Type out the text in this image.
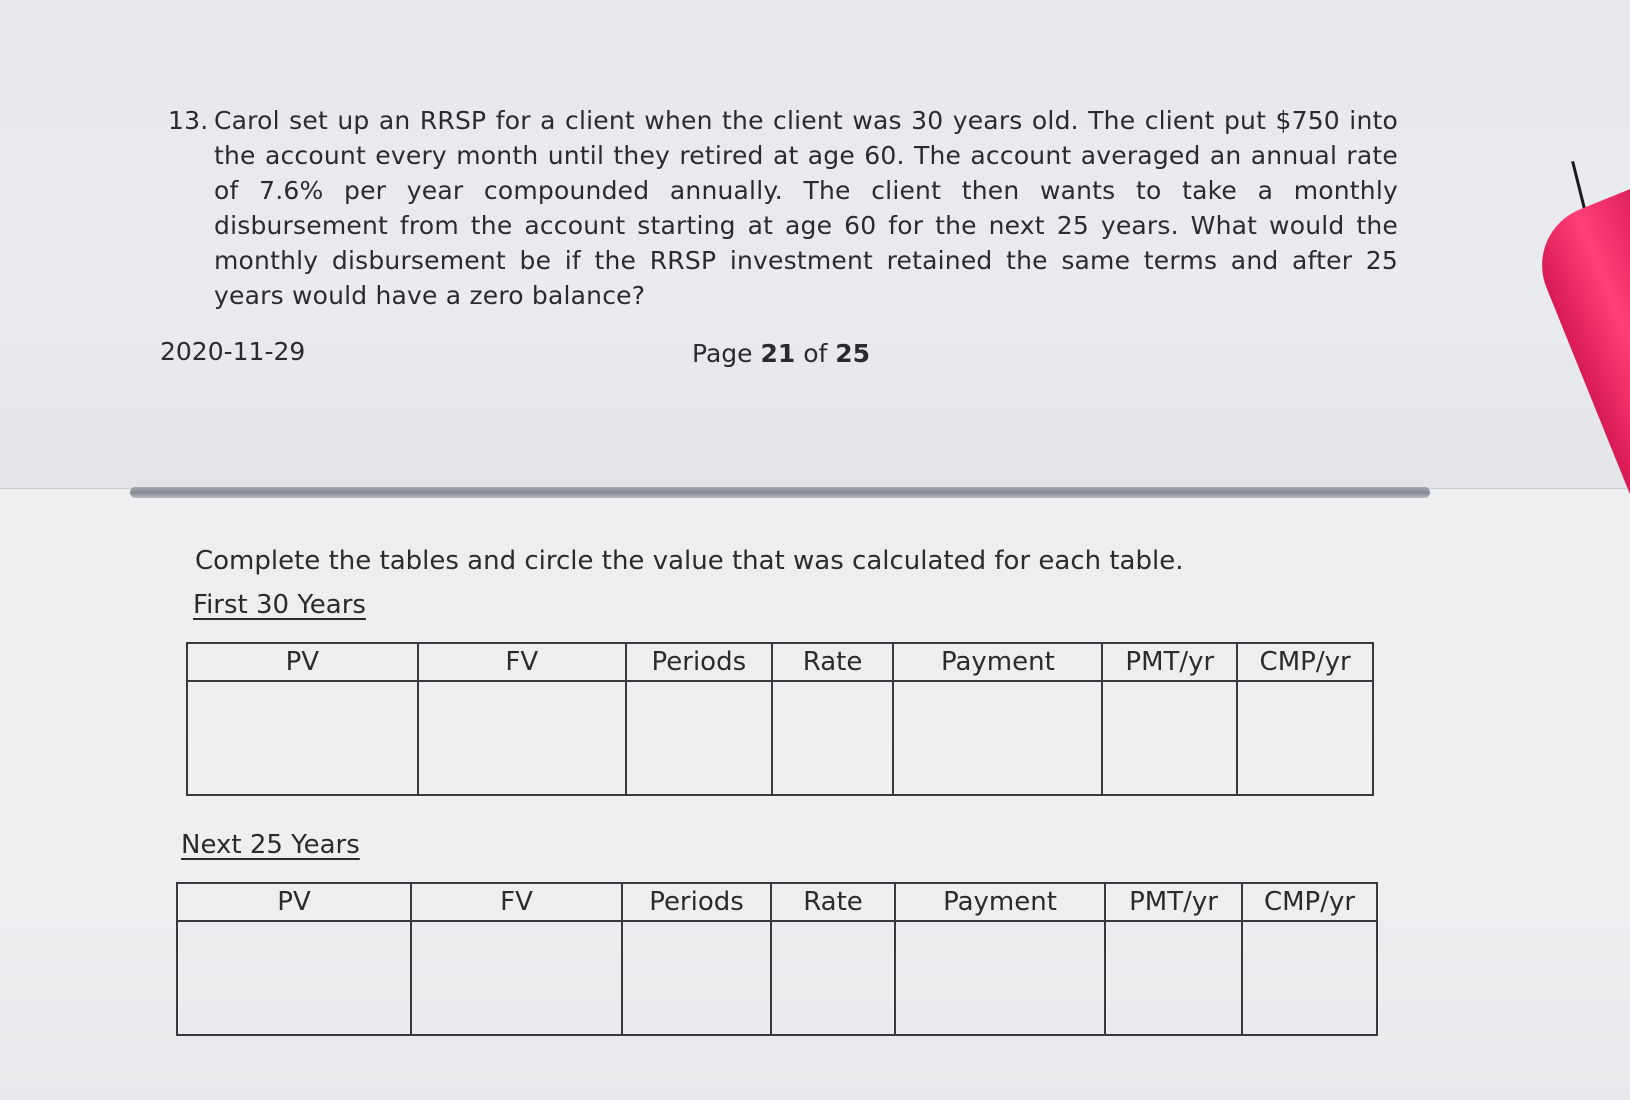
13. Carol set up an RRSP for a client when the client was 30 years old. The client put $750 into the account every month until they retired at age 60. The account averaged an annual rate of 7.6% per year compounded annually. The client then wants to take a monthly disbursement from the account starting at age 60 for the next 25 years. What would the monthly disbursement be if the RRSP investment retained the same terms and after 25 years would have a zero balance?
2020-11-29	Page 21 of 25
Complete the tables and circle the value that was calculated for each table.
First 30 Years
PV	FV	Periods	Rate	Payment	PMT/yr	CMP/yr

Next 25 Years
PV	FV	Periods	Rate	Payment	PMT/yr	CMP/yr
